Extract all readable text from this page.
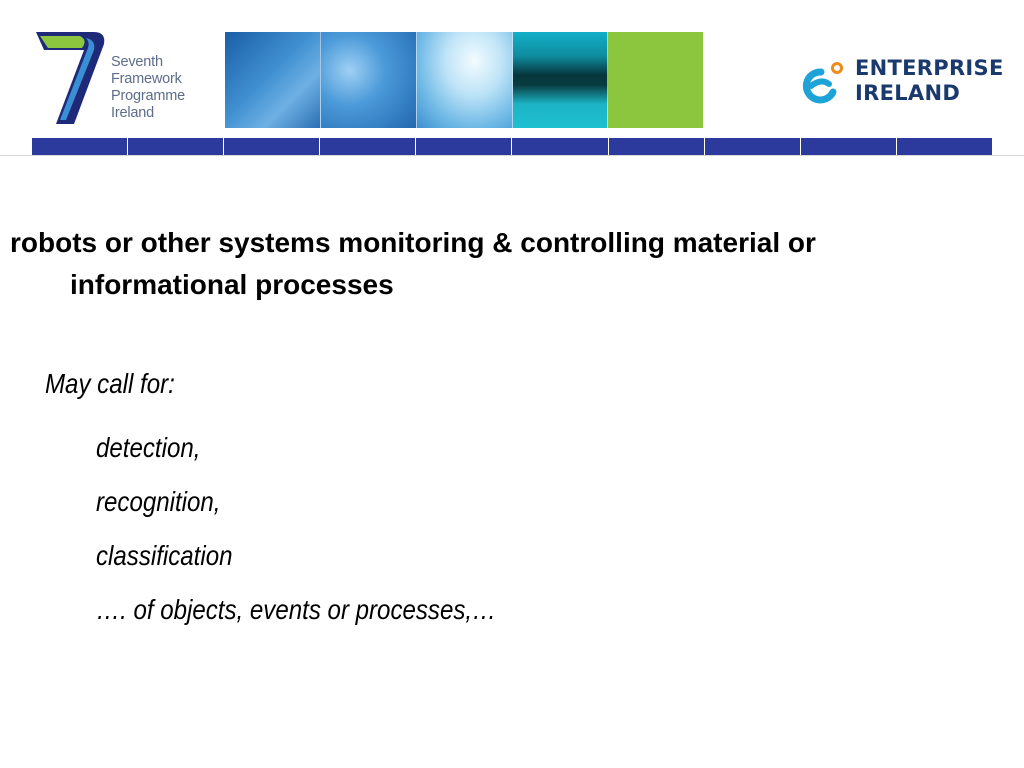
Seventh
Framework
Programme
Ireland
ENTERPRISE
IRELAND
robots or other systems monitoring & controlling material or
informational processes
May call for:
detection,
recognition,
classification
…. of objects, events or processes,…
